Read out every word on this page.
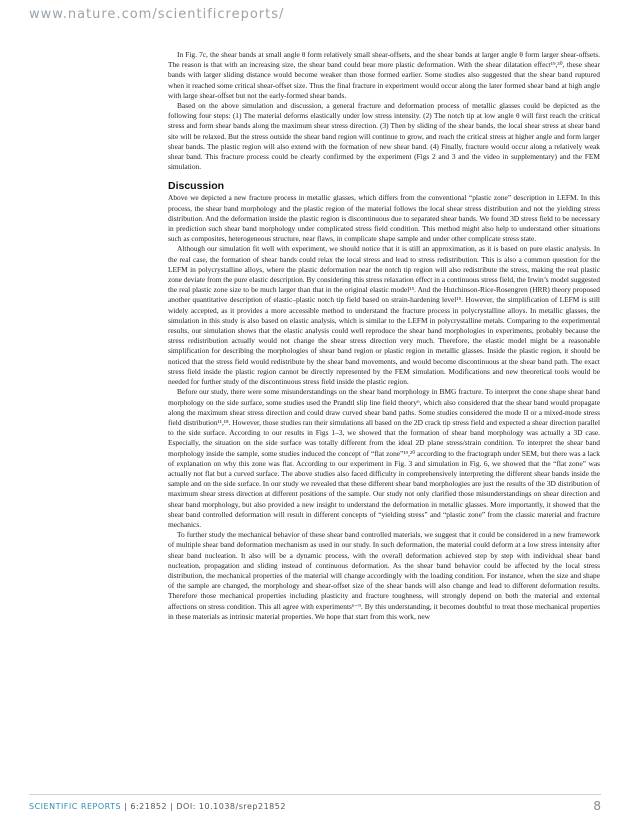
www.nature.com/scientificreports/

In Fig. 7c, the shear bands at small angle θ form relatively small shear-offsets, and the shear bands at larger angle θ form larger shear-offsets. The reason is that with an increasing size, the shear band could bear more plastic deformation. With the shear dilatation effect¹⁹,³⁰, these shear bands with larger sliding distance would become weaker than those formed earlier. Some studies also suggested that the shear band ruptured when it reached some critical shear-offset size. Thus the final fracture in experiment would occur along the later formed shear band at high angle with large shear-offset but not the early-formed shear bands.

Based on the above simulation and discussion, a general fracture and deformation process of metallic glasses could be depicted as the following four steps: (1) The material deforms elastically under low stress intensity. (2) The notch tip at low angle θ will first reach the critical stress and form shear bands along the maximum shear stress direction. (3) Then by sliding of the shear bands, the local shear stress at shear band site will be relaxed. But the stress outside the shear band region will continue to grow, and reach the critical stress at higher angle and form larger shear bands. The plastic region will also extend with the formation of new shear band. (4) Finally, fracture would occur along a relatively weak shear band. This fracture process could be clearly confirmed by the experiment (Figs 2 and 3 and the video in supplementary) and the FEM simulation.

Discussion

Above we depicted a new fracture process in metallic glasses, which differs from the conventional “plastic zone” description in LEFM. In this process, the shear band morphology and the plastic region of the material follows the local shear stress distribution and not the yielding stress distribution. And the deformation inside the plastic region is discontinuous due to separated shear bands. We found 3D stress field to be necessary in prediction such shear band morphology under complicated stress field condition. This method might also help to understand other situations such as composites, heterogeneous structure, near flaws, in complicate shape sample and under other complicate stress state.

Although our simulation fit well with experiment, we should notice that it is still an approximation, as it is based on pure elastic analysis. In the real case, the formation of shear bands could relax the local stress and lead to stress redistribution. This is also a common question for the LEFM in polycrystalline alloys, where the plastic deformation near the notch tip region will also redistribute the stress, making the real plastic zone deviate from the pure elastic description. By considering this stress relaxation effect in a continuous stress field, the Irwin’s model suggested the real plastic zone size to be much larger than that in the original elastic model¹⁵. And the Hutchinson-Rice-Rosengren (HRR) theory proposed another quantitative description of elastic–plastic notch tip field based on strain-hardening level¹⁵. However, the simplification of LEFM is still widely accepted, as it provides a more accessible method to understand the fracture process in polycrystalline alloys. In metallic glasses, the simulation in this study is also based on elastic analysis, which is similar to the LEFM in polycrystalline metals. Comparing to the experimental results, our simulation shows that the elastic analysis could well reproduce the shear band morphologies in experiments, probably because the stress redistribution actually would not change the shear stress direction very much. Therefore, the elastic model might be a reasonable simplification for describing the morphologies of shear band region or plastic region in metallic glasses. Inside the plastic region, it should be noticed that the stress field would redistribute by the shear band movements, and would become discontinuous at the shear band path. The exact stress field inside the plastic region cannot be directly represented by the FEM simulation. Modifications and new theoretical tools would be needed for further study of the discontinuous stress field inside the plastic region.

Before our study, there were some misunderstandings on the shear band morphology in BMG fracture. To interpret the cone shape shear band morphology on the side surface, some studies used the Prandtl slip line field theory⁶, which also considered that the shear band would propagate along the maximum shear stress direction and could draw curved shear band paths. Some studies considered the mode II or a mixed-mode stress field distribution¹¹,¹⁸. However, those studies ran their simulations all based on the 2D crack tip stress field and expected a shear direction parallel to the side surface. According to our results in Figs 1–3, we showed that the formation of shear band morphology was actually a 3D case. Especially, the situation on the side surface was totally different from the ideal 2D plane stress/strain condition. To interpret the shear band morphology inside the sample, some studies induced the concept of “flat zone”¹⁹,²⁰ according to the fractograph under SEM, but there was a lack of explanation on why this zone was flat. According to our experiment in Fig. 3 and simulation in Fig. 6, we showed that the “flat zone” was actually not flat but a curved surface. The above studies also faced difficulty in comprehensively interpreting the different shear bands inside the sample and on the side surface. In our study we revealed that these different shear band morphologies are just the results of the 3D distribution of maximum shear stress direction at different positions of the sample. Our study not only clarified those misunderstandings on shear direction and shear band morphology, but also provided a new insight to understand the deformation in metallic glasses. More importantly, it showed that the shear band controlled deformation will result in different concepts of “yielding stress” and “plastic zone” from the classic material and fracture mechanics.

To further study the mechanical behavior of these shear band controlled materials, we suggest that it could be considered in a new framework of multiple shear band deformation mechanism as used in our study. In such deformation, the material could deform at a low stress intensity after shear band nucleation. It also will be a dynamic process, with the overall deformation achieved step by step with individual shear band nucleation, propagation and sliding instead of continuous deformation. As the shear band behavior could be affected by the local stress distribution, the mechanical properties of the material will change accordingly with the loading condition. For instance, when the size and shape of the sample are changed, the morphology and shear-offset size of the shear bands will also change and lead to different deformation results. Therefore those mechanical properties including plasticity and fracture toughness, will strongly depend on both the material and external affections on stress condition. This all agree with experiments⁶⁻⁹. By this understanding, it becomes doubtful to treat those mechanical properties in these materials as intrinsic material properties. We hope that start from this work, new

SCIENTIFIC REPORTS | 6:21852 | DOI: 10.1038/srep21852	8
